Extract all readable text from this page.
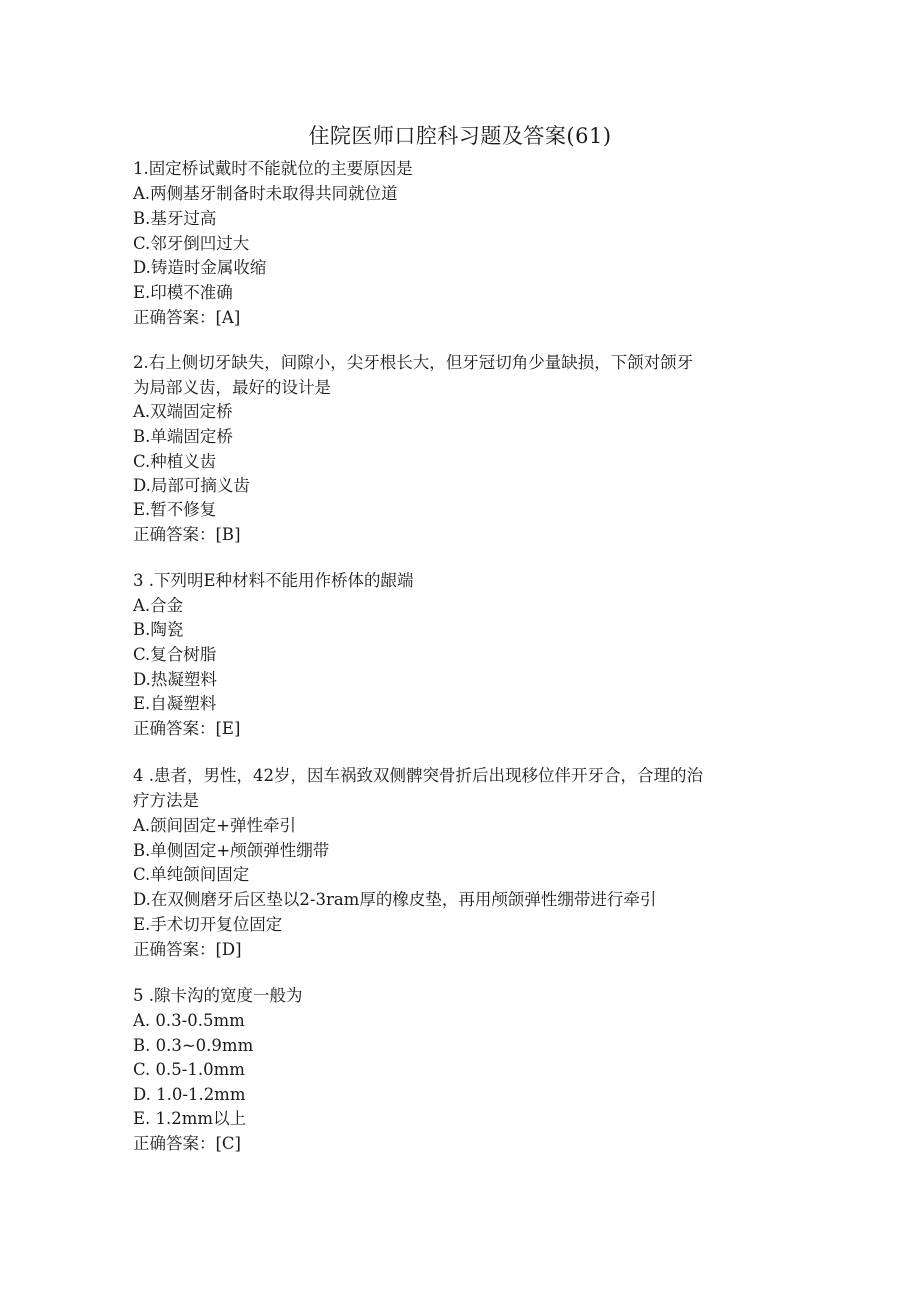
住院医师口腔科习题及答案(61)
1.固定桥试戴时不能就位的主要原因是
A.两侧基牙制备时未取得共同就位道
B.基牙过高
C.邻牙倒凹过大
D.铸造时金属收缩
E.印模不准确
正确答案：[A]
2.右上侧切牙缺失，间隙小，尖牙根长大，但牙冠切角少量缺损，下颌对颌牙
为局部义齿，最好的设计是
A.双端固定桥
B.单端固定桥
C.种植义齿
D.局部可摘义齿
E.暂不修复
正确答案：[B]
3 .下列明E种材料不能用作桥体的龈端
A.合金
B.陶瓷
C.复合树脂
D.热凝塑料
E.自凝塑料
正确答案：[E]
4 .患者，男性，42岁，因车祸致双侧髀突骨折后出现移位伴开牙合，合理的治
疗方法是
A.颌间固定+弹性牵引
B.单侧固定+颅颌弹性绷带
C.单纯颌间固定
D.在双侧磨牙后区垫以2-3ram厚的橡皮垫，再用颅颌弹性绷带进行牵引
E.手术切开复位固定
正确答案：[D]
5 .隙卡沟的宽度一般为
A. 0.3-0.5mm
B. 0.3~0.9mm
C. 0.5-1.0mm
D. 1.0-1.2mm
E. 1.2mm以上
正确答案：[C]
